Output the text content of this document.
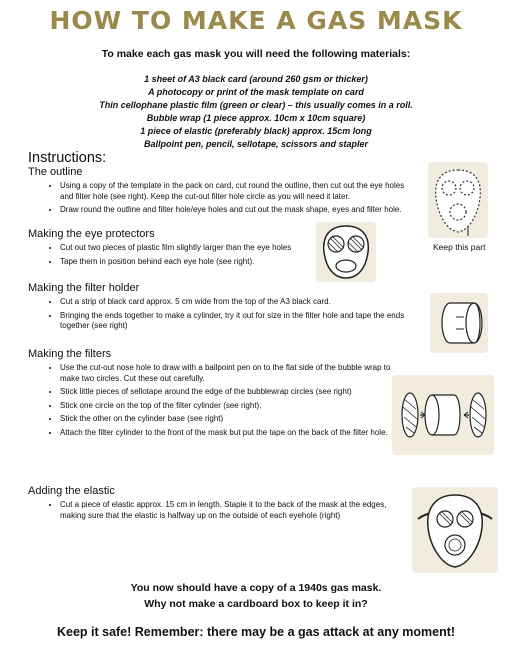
HOW TO MAKE A GAS MASK
To make each gas mask you will need the following materials:
1 sheet of A3 black card (around 260 gsm or thicker)
A photocopy or print of the mask template on card
Thin cellophane plastic film (green or clear) – this usually comes in a roll.
Bubble wrap (1 piece approx. 10cm x 10cm square)
1 piece of elastic (preferably black) approx. 15cm long
Ballpoint pen, pencil, sellotape, scissors and stapler
Instructions:
The outline
• Using a copy of the template in the pack on card, cut round the outline, then cut out the eye holes and filter hole (see right). Keep the cut-out filter hole circle as you will need it later.
• Draw round the outline and filter hole/eye holes and cut out the mask shape, eyes and filter hole.
Making the eye protectors
• Cut out two pieces of plastic film slightly larger than the eye holes
• Tape them in position behind each eye hole (see right).
Making the filter holder
• Cut a strip of black card approx. 5 cm wide from the top of the A3 black card.
• Bringing the ends together to make a cylinder, try it out for size in the filter hole and tape the ends together (see right)
Making the filters
• Use the cut-out nose hole to draw with a ballpoint pen on to the flat side of the bubble wrap to make two circles. Cut these out carefully.
• Stick little pieces of sellotape around the edge of the bubblewrap circles (see right)
• Stick one circle on the top of the filter cylinder (see right).
• Stick the other on the cylinder base (see right)
• Attach the filter cylinder to the front of the mask but put the tape on the back of the filter hole.
Adding the elastic
• Cut a piece of elastic approx. 15 cm in length. Staple it to the back of the mask at the edges, making sure that the elastic is halfway up on the outside of each eyehole (right)
Keep this part
You now should have a copy of a 1940s gas mask.
Why not make a cardboard box to keep it in?
Keep it safe! Remember: there may be a gas attack at any moment!
